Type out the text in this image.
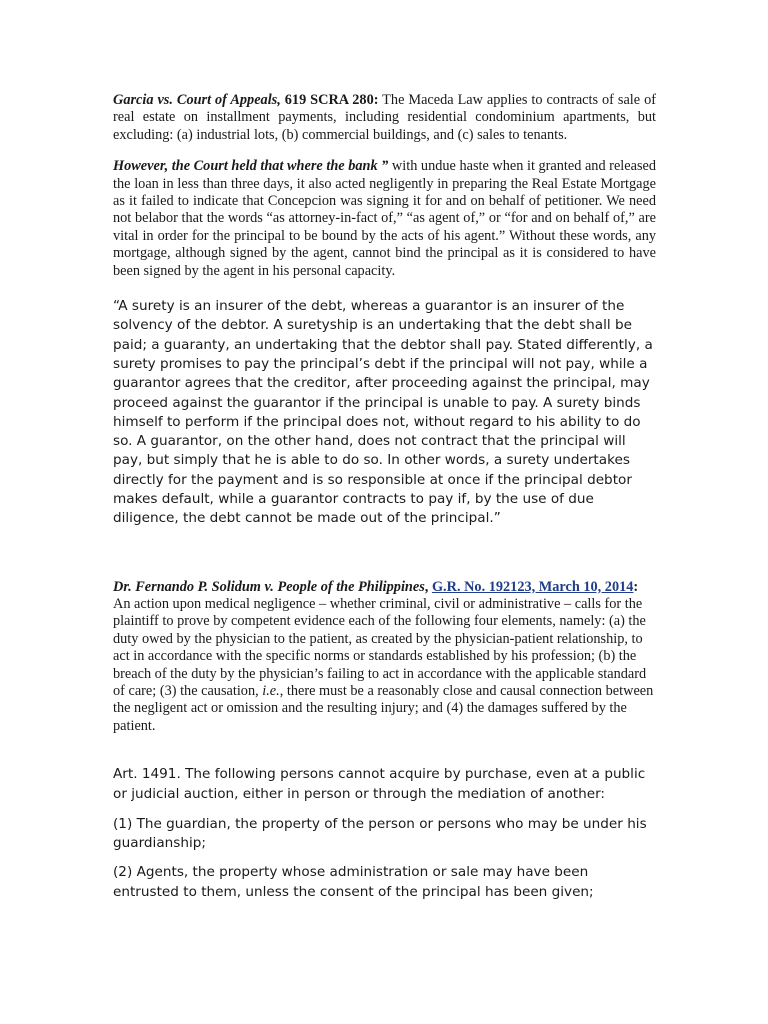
Garcia vs. Court of Appeals, 619 SCRA 280: The Maceda Law applies to contracts of sale of real estate on installment payments, including residential condominium apartments, but excluding: (a) industrial lots, (b) commercial buildings, and (c) sales to tenants.

However, the Court held that where the bank ” with undue haste when it granted and released the loan in less than three days, it also acted negligently in preparing the Real Estate Mortgage as it failed to indicate that Concepcion was signing it for and on behalf of petitioner. We need not belabor that the words “as attorney-in-fact of,” “as agent of,” or “for and on behalf of,” are vital in order for the principal to be bound by the acts of his agent.” Without these words, any mortgage, although signed by the agent, cannot bind the principal as it is considered to have been signed by the agent in his personal capacity.

“A surety is an insurer of the debt, whereas a guarantor is an insurer of the solvency of the debtor. A suretyship is an undertaking that the debt shall be paid; a guaranty, an undertaking that the debtor shall pay. Stated differently, a surety promises to pay the principal’s debt if the principal will not pay, while a guarantor agrees that the creditor, after proceeding against the principal, may proceed against the guarantor if the principal is unable to pay. A surety binds himself to perform if the principal does not, without regard to his ability to do so. A guarantor, on the other hand, does not contract that the principal will pay, but simply that he is able to do so. In other words, a surety undertakes directly for the payment and is so responsible at once if the principal debtor makes default, while a guarantor contracts to pay if, by the use of due diligence, the debt cannot be made out of the principal.”

Dr. Fernando P. Solidum v. People of the Philippines, G.R. No. 192123, March 10, 2014:

An action upon medical negligence – whether criminal, civil or administrative – calls for the plaintiff to prove by competent evidence each of the following four elements, namely: (a) the duty owed by the physician to the patient, as created by the physician-patient relationship, to act in accordance with the specific norms or standards established by his profession; (b) the breach of the duty by the physician’s failing to act in accordance with the applicable standard of care; (3) the causation, i.e., there must be a reasonably close and causal connection between the negligent act or omission and the resulting injury; and (4) the damages suffered by the patient.

Art. 1491. The following persons cannot acquire by purchase, even at a public or judicial auction, either in person or through the mediation of another:

(1) The guardian, the property of the person or persons who may be under his guardianship;

(2) Agents, the property whose administration or sale may have been entrusted to them, unless the consent of the principal has been given;
